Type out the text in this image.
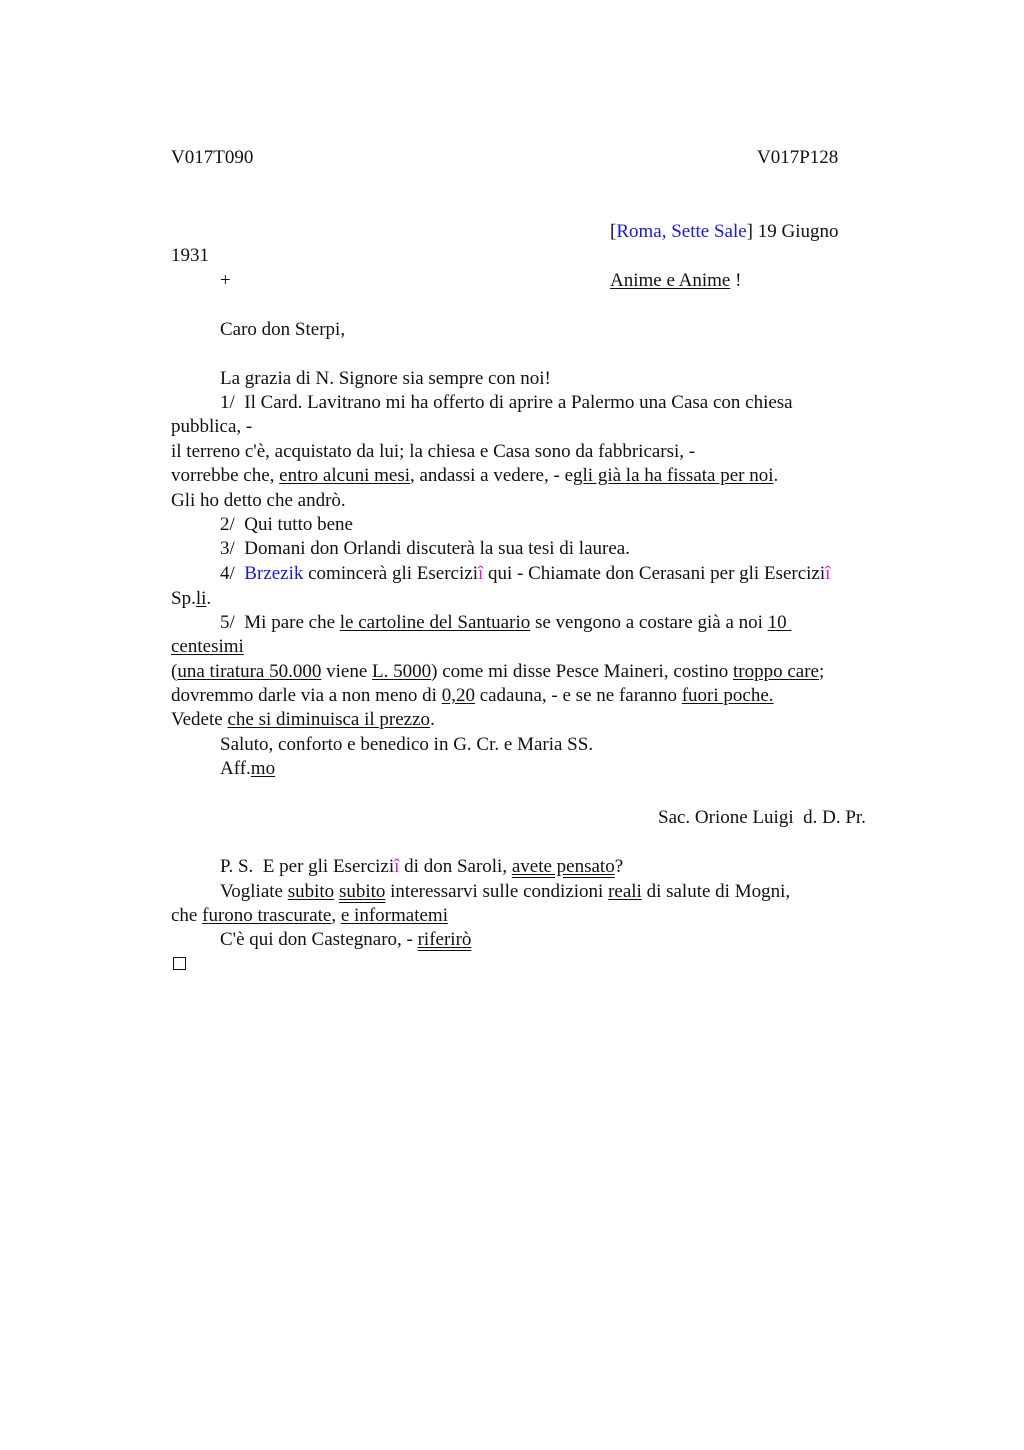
V017T090	V017P128
[Roma, Sette Sale] 19 Giugno
1931
+	Anime e Anime !
Caro don Sterpi,
La grazia di N. Signore sia sempre con noi!
1/  Il Card. Lavitrano mi ha offerto di aprire a Palermo una Casa con chiesa
pubblica, -
il terreno c'è, acquistato da lui; la chiesa e Casa sono da fabbricarsi, -
vorrebbe che, entro alcuni mesi, andassi a vedere, - egli già la ha fissata per noi.
Gli ho detto che andrò.
2/  Qui tutto bene
3/  Domani don Orlandi discuterà la sua tesi di laurea.
4/  Brzezik comincerà gli Eserciziî qui - Chiamate don Cerasani per gli Eserciziî
Sp.li.
5/  Mi pare che le cartoline del Santuario se vengono a costare già a noi 10
centesimi
(una tiratura 50.000 viene L. 5000) come mi disse Pesce Maineri, costino troppo care;
dovremmo darle via a non meno di 0,20 cadauna, - e se ne faranno fuori poche.
Vedete che si diminuisca il prezzo.
Saluto, conforto e benedico in G. Cr. e Maria SS.
Aff.mo
Sac. Orione Luigi  d. D. Pr.
P. S.  E per gli Eserciziî di don Saroli, avete pensato?
Vogliate subito subito interessarvi sulle condizioni reali di salute di Mogni,
che furono trascurate, e informatemi
C'è qui don Castegnaro, - riferirò
